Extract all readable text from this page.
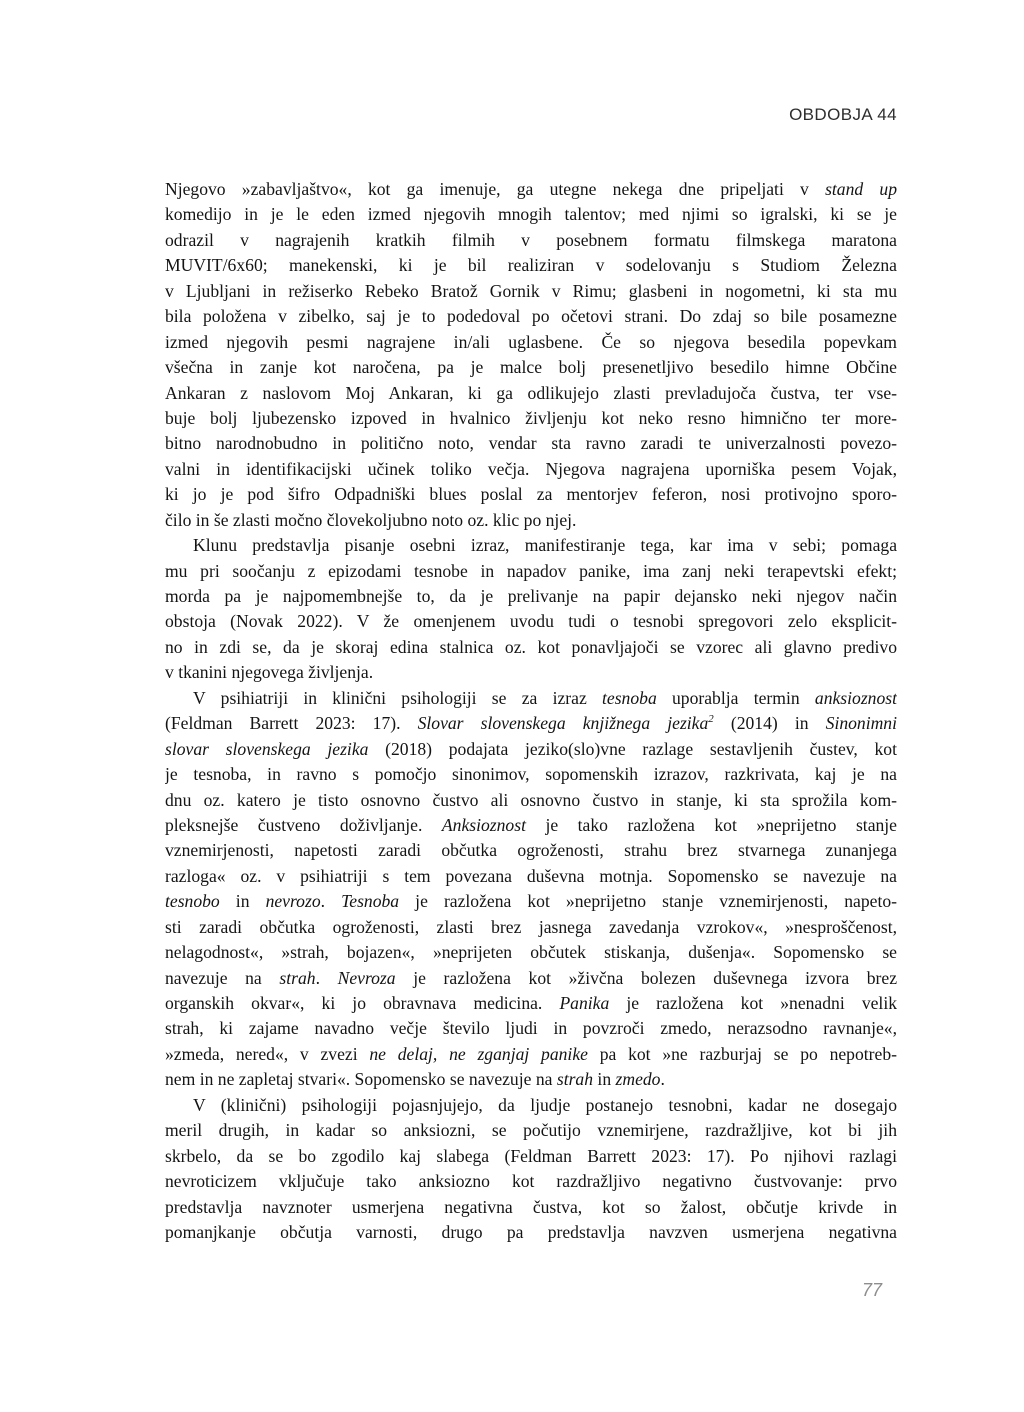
OBDOBJA 44
Njegovo »zabavljaštvo«, kot ga imenuje, ga utegne nekega dne pripeljati v stand up
komedijo in je le eden izmed njegovih mnogih talentov; med njimi so igralski, ki se je
odrazil v nagrajenih kratkih filmih v posebnem formatu filmskega maratona
MUVIT/6x60; manekenski, ki je bil realiziran v sodelovanju s Studiom Železna
v Ljubljani in režiserko Rebeko Bratož Gornik v Rimu; glasbeni in nogometni, ki sta mu
bila položena v zibelko, saj je to podedoval po očetovi strani. Do zdaj so bile posamezne
izmed njegovih pesmi nagrajene in/ali uglasbene. Če so njegova besedila popevkam
všečna in zanje kot naročena, pa je malce bolj presenetljivo besedilo himne Občine
Ankaran z naslovom Moj Ankaran, ki ga odlikujejo zlasti prevladujoča čustva, ter vse-
buje bolj ljubezensko izpoved in hvalnico življenju kot neko resno himnično ter more-
bitno narodnobudno in politično noto, vendar sta ravno zaradi te univerzalnosti povezo-
valni in identifikacijski učinek toliko večja. Njegova nagrajena uporniška pesem Vojak,
ki jo je pod šifro Odpadniški blues poslal za mentorjev feferon, nosi protivojno sporo-
čilo in še zlasti močno človekoljubno noto oz. klic po njej.
Klunu predstavlja pisanje osebni izraz, manifestiranje tega, kar ima v sebi; pomaga
mu pri soočanju z epizodami tesnobe in napadov panike, ima zanj neki terapevtski efekt;
morda pa je najpomembnejše to, da je prelivanje na papir dejansko neki njegov način
obstoja (Novak 2022). V že omenjenem uvodu tudi o tesnobi spregovori zelo eksplicit-
no in zdi se, da je skoraj edina stalnica oz. kot ponavljajoči se vzorec ali glavno predivo
v tkanini njegovega življenja.
V psihiatriji in klinični psihologiji se za izraz tesnoba uporablja termin anksioznost
(Feldman Barrett 2023: 17). Slovar slovenskega knjižnega jezika$^2$ (2014) in Sinonimni
slovar slovenskega jezika (2018) podajata jeziko(slo)vne razlage sestavljenih čustev, kot
je tesnoba, in ravno s pomočjo sinonimov, sopomenskih izrazov, razkrivata, kaj je na
dnu oz. katero je tisto osnovno čustvo ali osnovno čustvo in stanje, ki sta sprožila kom-
pleksnejše čustveno doživljanje. Anksioznost je tako razložena kot »neprijetno stanje
vznemirjenosti, napetosti zaradi občutka ogroženosti, strahu brez stvarnega zunanjega
razloga« oz. v psihiatriji s tem povezana duševna motnja. Sopomensko se navezuje na
tesnobo in nevrozo. Tesnoba je razložena kot »neprijetno stanje vznemirjenosti, napeto-
sti zaradi občutka ogroženosti, zlasti brez jasnega zavedanja vzrokov«, »nesproščenost,
nelagodnost«, »strah, bojazen«, »neprijeten občutek stiskanja, dušenja«. Sopomensko se
navezuje na strah. Nevroza je razložena kot »živčna bolezen duševnega izvora brez
organskih okvar«, ki jo obravnava medicina. Panika je razložena kot »nenadni velik
strah, ki zajame navadno večje število ljudi in povzroči zmedo, nerazsodno ravnanje«,
»zmeda, nered«, v zvezi ne delaj, ne zganjaj panike pa kot »ne razburjaj se po nepotreb-
nem in ne zapletaj stvari«. Sopomensko se navezuje na strah in zmedo.
V (klinični) psihologiji pojasnjujejo, da ljudje postanejo tesnobni, kadar ne dosegajo
meril drugih, in kadar so anksiozni, se počutijo vznemirjene, razdražljive, kot bi jih
skrbelo, da se bo zgodilo kaj slabega (Feldman Barrett 2023: 17). Po njihovi razlagi
nevroticizem vključuje tako anksiozno kot razdražljivo negativno čustvovanje: prvo
predstavlja navznoter usmerjena negativna čustva, kot so žalost, občutje krivde in
pomanjkanje občutja varnosti, drugo pa predstavlja navzven usmerjena negativna
77
